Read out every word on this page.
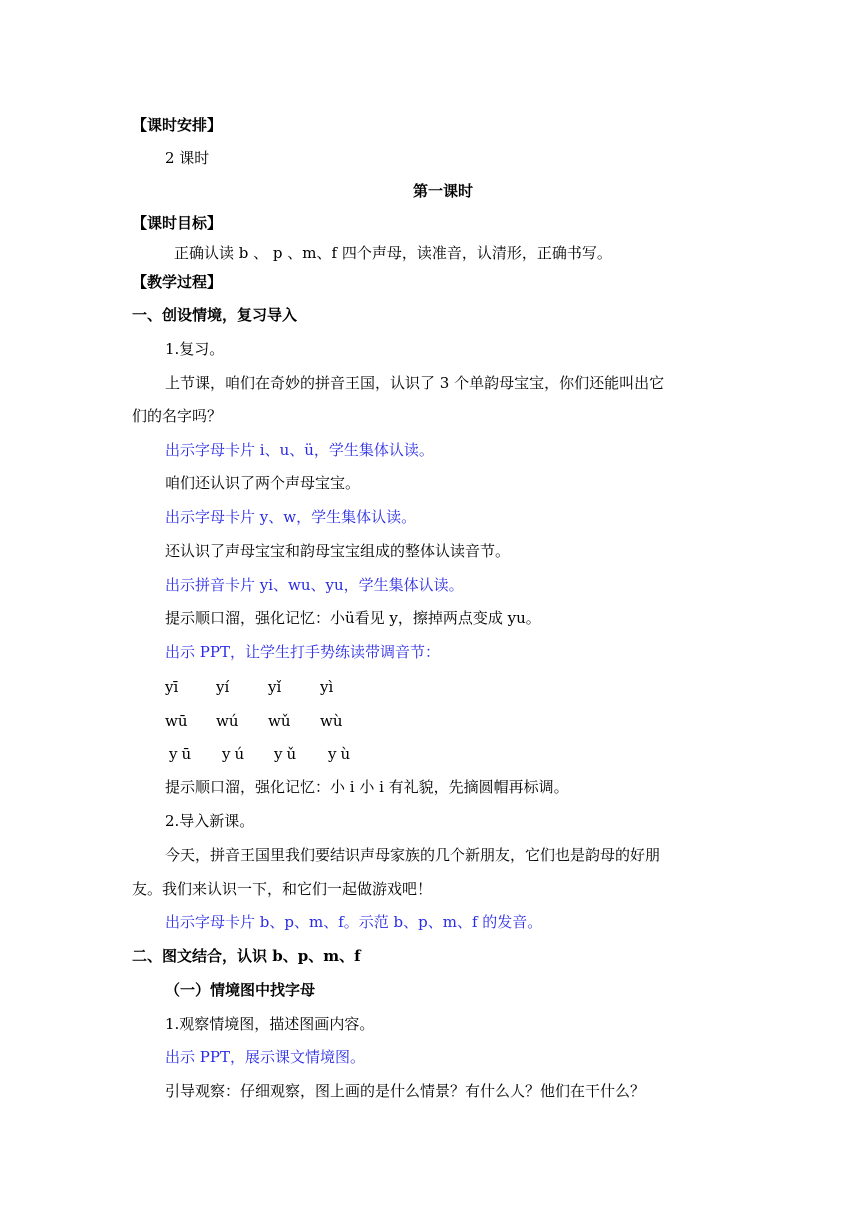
【课时安排】
2 课时
第一课时
【课时目标】
正确认读 b 、 p 、m、f 四个声母，读准音，认清形，正确书写。
【教学过程】
一、创设情境，复习导入
1.复习。
上节课，咱们在奇妙的拼音王国，认识了 3 个单韵母宝宝，你们还能叫出它
们的名字吗？
出示字母卡片 i、u、ü，学生集体认读。
咱们还认识了两个声母宝宝。
出示字母卡片 y、w，学生集体认读。
还认识了声母宝宝和韵母宝宝组成的整体认读音节。
出示拼音卡片 yi、wu、yu，学生集体认读。
提示顺口溜，强化记忆：小ü看见 y，擦掉两点变成 yu。
出示 PPT，让学生打手势练读带调音节：
yī	yí	yǐ	yì
wū wú wǔ wù
yū yú yǔ yù
提示顺口溜，强化记忆：小 i 小 i 有礼貌，先摘圆帽再标调。
2.导入新课。
今天，拼音王国里我们要结识声母家族的几个新朋友，它们也是韵母的好朋
友。我们来认识一下，和它们一起做游戏吧！
出示字母卡片 b、p、m、f。示范 b、p、m、f 的发音。
二、图文结合，认识 b、p、m、f
（一）情境图中找字母
1.观察情境图，描述图画内容。
出示 PPT，展示课文情境图。
引导观察：仔细观察，图上画的是什么情景？有什么人？他们在干什么？
